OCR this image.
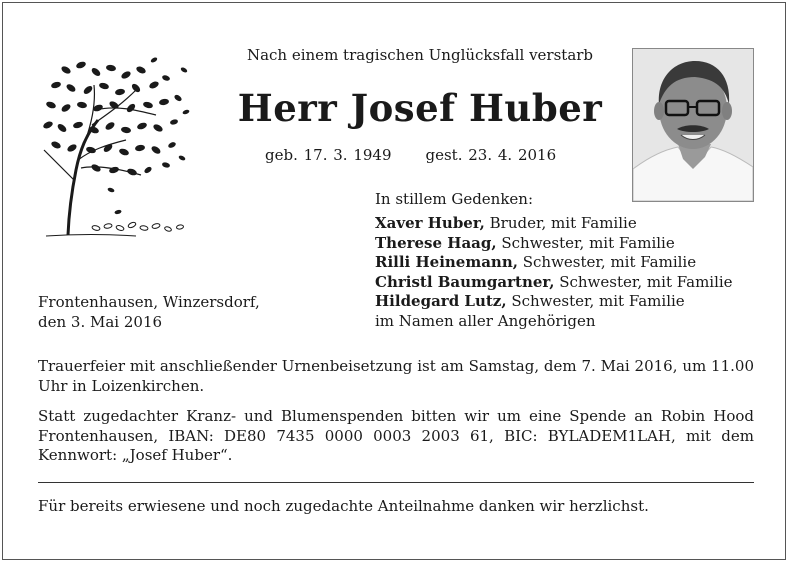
Nach einem tragischen Unglücksfall verstarb
Herr Josef Huber
geb. 17. 3. 1949 gest. 23. 4. 2016
In stillem Gedenken:
Xaver Huber, Bruder, mit Familie
Therese Haag, Schwester, mit Familie
Rilli Heinemann, Schwester, mit Familie
Christl Baumgartner, Schwester, mit Familie
Hildegard Lutz, Schwester, mit Familie
im Namen aller Angehörigen
Frontenhausen, Winzersdorf,
den 3. Mai 2016
Trauerfeier mit anschließender Urnenbeisetzung ist am Samstag, dem 7. Mai 2016, um 11.00 Uhr in Loizenkirchen.
Statt zugedachter Kranz- und Blumenspenden bitten wir um eine Spende an Robin Hood Frontenhausen, IBAN: DE80 7435 0000 0003 2003 61, BIC: BYLADEM1LAH, mit dem Kennwort: „Josef Huber“.
Für bereits erwiesene und noch zugedachte Anteilnahme danken wir herzlichst.
